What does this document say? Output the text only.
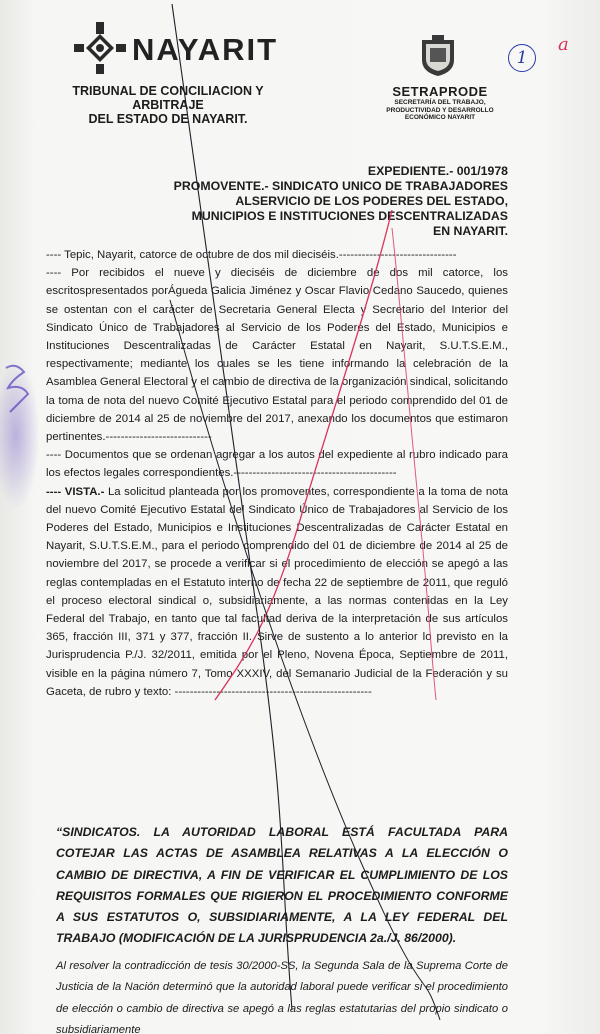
NAYARIT
TRIBUNAL DE CONCILIACION Y ARBITRAJE
DEL ESTADO DE NAYARIT.
SETRAPRODE
SECRETARÍA DEL TRABAJO,
PRODUCTIVIDAD Y DESARROLLO
ECONÓMICO NAYARIT
1
a
EXPEDIENTE.- 001/1978
PROMOVENTE.- SINDICATO UNICO DE TRABAJADORES
ALSERVICIO DE LOS PODERES DEL ESTADO,
MUNICIPIOS E INSTITUCIONES DESCENTRALIZADAS
EN NAYARIT.

---- Tepic, Nayarit, catorce de octubre de dos mil dieciséis.-------------------------------

---- Por recibidos el nueve y dieciséis de diciembre de dos mil catorce, los escritospresentados porÁgueda Galicia Jiménez y Oscar Flavio Cedano Saucedo, quienes se ostentan con el carácter de Secretaria General Electa y Secretario del Interior del Sindicato Único de Trabajadores al Servicio de los Poderes del Estado, Municipios e Instituciones Descentralizadas de Carácter Estatal en Nayarit, S.U.T.S.E.M., respectivamente; mediante los cuales se les tiene informando la celebración de la Asamblea General Electoral y el cambio de directiva de la organización sindical, solicitando la toma de nota del nuevo Comité Ejecutivo Estatal para el periodo comprendido del 01 de diciembre de 2014 al 25 de noviembre del 2017, anexando los documentos que estimaron pertinentes.----------------------------

---- Documentos que se ordenan agregar a los autos del expediente al rubro indicado para los efectos legales correspondientes.-------------------------------------------

---- VISTA.- La solicitud planteada por los promoventes, correspondiente a la toma de nota del nuevo Comité Ejecutivo Estatal del Sindicato Único de Trabajadores al Servicio de los Poderes del Estado, Municipios e Instituciones Descentralizadas de Carácter Estatal en Nayarit, S.U.T.S.E.M., para el periodo comprendido del 01 de diciembre de 2014 al 25 de noviembre del 2017, se procede a verificar si el procedimiento de elección se apegó a las reglas contempladas en el Estatuto interno de fecha 22 de septiembre de 2011, que reguló el proceso electoral sindical o, subsidiariamente, a las normas contenidas en la Ley Federal del Trabajo, en tanto que tal facultad deriva de la interpretación de sus artículos 365, fracción III, 371 y 377, fracción II. Sirve de sustento a lo anterior lo previsto en la Jurisprudencia P./J. 32/2011, emitida por el Pleno, Novena Época, Septiembre de 2011, visible en la página número 7, Tomo XXXIV, del Semanario Judicial de la Federación y su Gaceta, de rubro y texto: ----------------------------------------------------

“SINDICATOS. LA AUTORIDAD LABORAL ESTÁ FACULTADA PARA COTEJAR LAS ACTAS DE ASAMBLEA RELATIVAS A LA ELECCIÓN O CAMBIO DE DIRECTIVA, A FIN DE VERIFICAR EL CUMPLIMIENTO DE LOS REQUISITOS FORMALES QUE RIGIERON EL PROCEDIMIENTO CONFORME A SUS ESTATUTOS O, SUBSIDIARIAMENTE, A LA LEY FEDERAL DEL TRABAJO (MODIFICACIÓN DE LA JURISPRUDENCIA 2a./J. 86/2000).
Al resolver la contradicción de tesis 30/2000-SS, la Segunda Sala de la Suprema Corte de Justicia de la Nación determinó que la autoridad laboral puede verificar si el procedimiento de elección o cambio de directiva se apegó a las reglas estatutarias del propio sindicato o subsidiariamente
